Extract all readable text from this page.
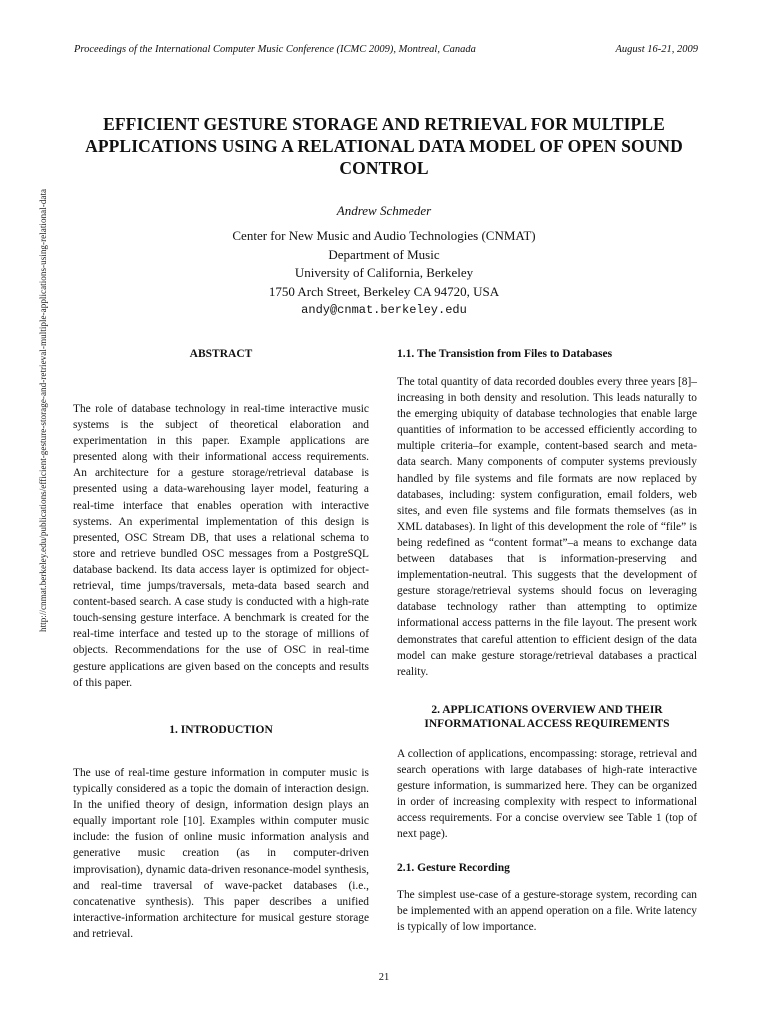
Proceedings of the International Computer Music Conference (ICMC 2009), Montreal, Canada	August 16-21, 2009
http://cnmat.berkeley.edu/publications/efficient-gesture-storage-and-retrieval-multiple-applications-using-relational-data
EFFICIENT GESTURE STORAGE AND RETRIEVAL FOR MULTIPLE APPLICATIONS USING A RELATIONAL DATA MODEL OF OPEN SOUND CONTROL
Andrew Schmeder
Center for New Music and Audio Technologies (CNMAT)
Department of Music
University of California, Berkeley
1750 Arch Street, Berkeley CA 94720, USA
andy@cnmat.berkeley.edu
ABSTRACT

The role of database technology in real-time interactive music systems is the subject of theoretical elaboration and experimentation in this paper. Example applications are presented along with their informational access requirements. An architecture for a gesture storage/retrieval database is presented using a data-warehousing layer model, featuring a real-time interface that enables operation with interactive systems. An experimental implementation of this design is presented, OSC Stream DB, that uses a relational schema to store and retrieve bundled OSC messages from a PostgreSQL database backend. Its data access layer is optimized for object-retrieval, time jumps/traversals, meta-data based search and content-based search. A case study is conducted with a high-rate touch-sensing gesture interface. A benchmark is created for the real-time interface and tested up to the storage of millions of objects. Recommendations for the use of OSC in real-time gesture applications are given based on the concepts and results of this paper.

1. INTRODUCTION

The use of real-time gesture information in computer music is typically considered as a topic the domain of interaction design. In the unified theory of design, information design plays an equally important role [10]. Examples within computer music include: the fusion of online music information analysis and generative music creation (as in computer-driven improvisation), dynamic data-driven resonance-model synthesis, and real-time traversal of wave-packet databases (i.e., concatenative synthesis). This paper describes a unified interactive-information architecture for musical gesture storage and retrieval.

1.1. The Transistion from Files to Databases

The total quantity of data recorded doubles every three years [8]–increasing in both density and resolution. This leads naturally to the emerging ubiquity of database technologies that enable large quantities of information to be accessed efficiently according to multiple criteria–for example, content-based search and meta-data search. Many components of computer systems previously handled by file systems and file formats are now replaced by databases, including: system configuration, email folders, web sites, and even file systems and file formats themselves (as in XML databases). In light of this development the role of “file” is being redefined as “content format”–a means to exchange data between databases that is information-preserving and implementation-neutral. This suggests that the development of gesture storage/retrieval systems should focus on leveraging database technology rather than attempting to optimize informational access patterns in the file layout. The present work demonstrates that careful attention to efficient design of the data model can make gesture storage/retrieval databases a practical reality.

2. APPLICATIONS OVERVIEW AND THEIR
INFORMATIONAL ACCESS REQUIREMENTS

A collection of applications, encompassing: storage, retrieval and search operations with large databases of high-rate interactive gesture information, is summarized here. They can be organized in order of increasing complexity with respect to informational access requirements. For a concise overview see Table 1 (top of next page).

2.1. Gesture Recording

The simplest use-case of a gesture-storage system, recording can be implemented with an append operation on a file. Write latency is typically of low importance.

21
